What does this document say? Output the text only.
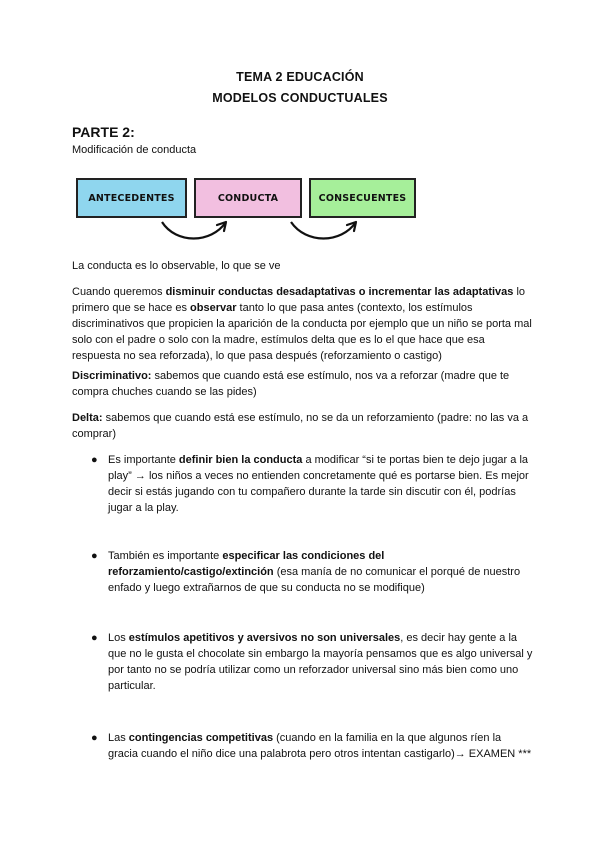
TEMA 2 EDUCACIÓN
MODELOS CONDUCTUALES
PARTE 2:
Modificación de conducta
ANTECEDENTES	CONDUCTA	CONSECUENTES
La conducta es lo observable, lo que se ve
Cuando queremos disminuir conductas desadaptativas o incrementar las adaptativas lo primero que se hace es observar tanto lo que pasa antes (contexto, los estímulos discriminativos que propicien la aparición de la conducta por ejemplo que un niño se porta mal solo con el padre o solo con la madre, estímulos delta que es lo el que hace que esa respuesta no sea reforzada), lo que pasa después (reforzamiento o castigo)
Discriminativo: sabemos que cuando está ese estímulo, nos va a reforzar (madre que te compra chuches cuando se las pides)
Delta: sabemos que cuando está ese estímulo, no se da un reforzamiento (padre: no las va a comprar)
● Es importante definir bien la conducta a modificar “si te portas bien te dejo jugar a la play” → los niños a veces no entienden concretamente qué es portarse bien. Es mejor decir si estás jugando con tu compañero durante la tarde sin discutir con él, podrías jugar a la play.
● También es importante especificar las condiciones del reforzamiento/castigo/extinción (esa manía de no comunicar el porqué de nuestro enfado y luego extrañarnos de que su conducta no se modifique)
● Los estímulos apetitivos y aversivos no son universales, es decir hay gente a la que no le gusta el chocolate sin embargo la mayoría pensamos que es algo universal y por tanto no se podría utilizar como un reforzador universal sino más bien como uno particular.
● Las contingencias competitivas (cuando en la familia en la que algunos ríen la gracia cuando el niño dice una palabrota pero otros intentan castigarlo)→ EXAMEN ***
